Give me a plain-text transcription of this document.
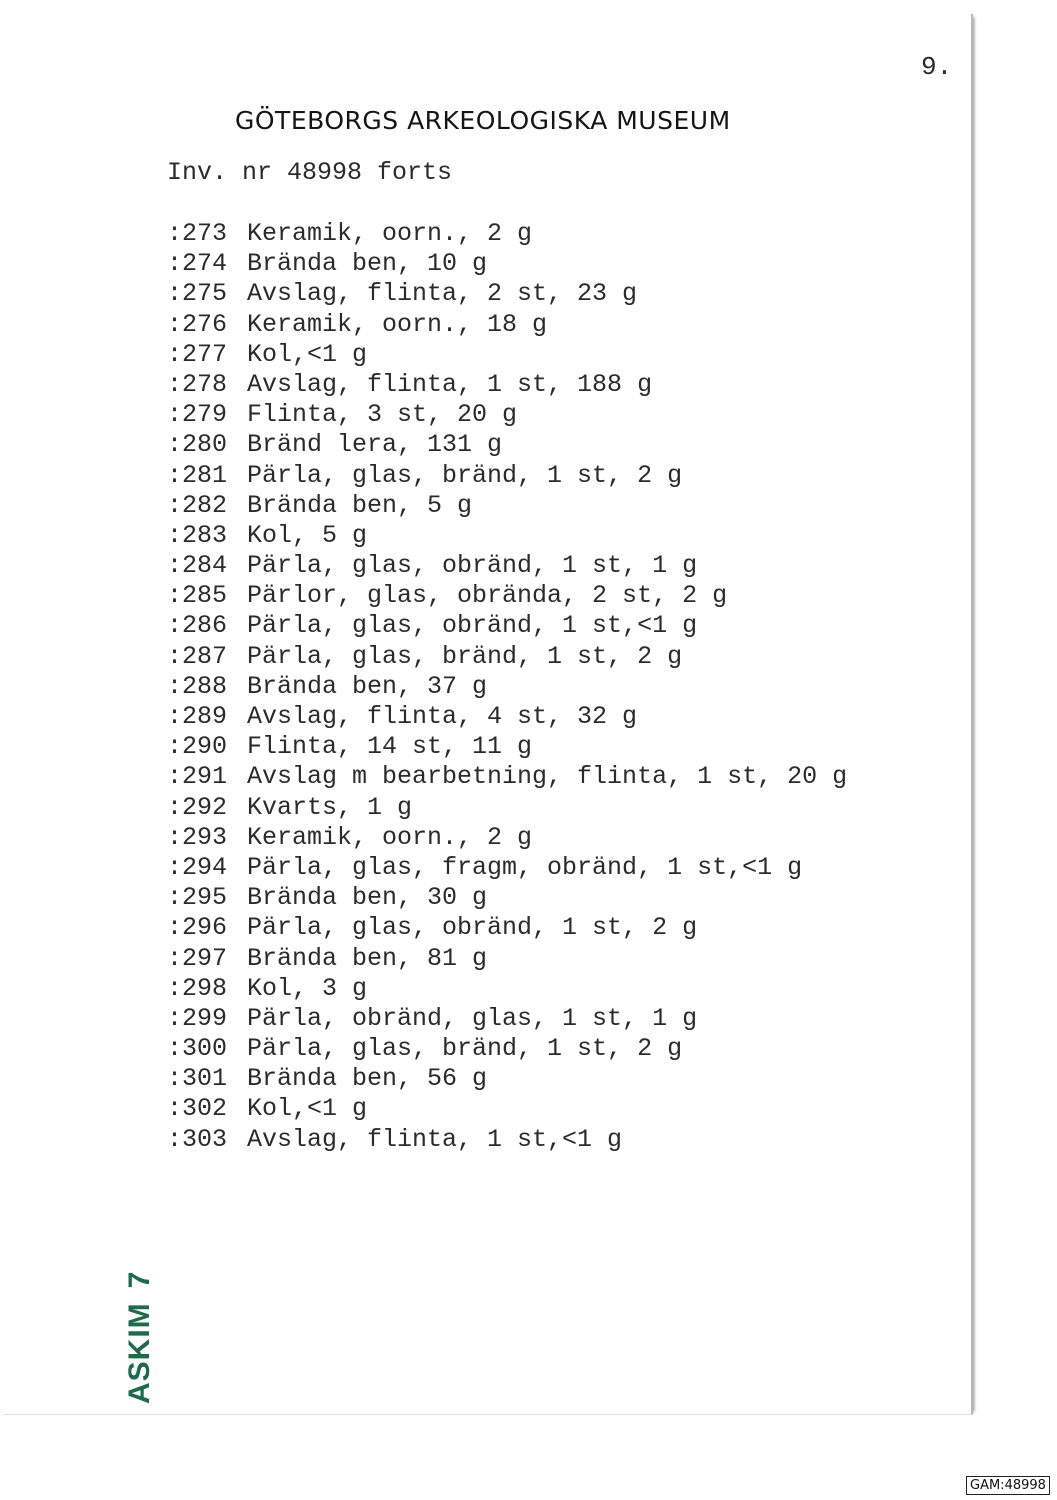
9.
GÖTEBORGS ARKEOLOGISKA MUSEUM
Inv. nr 48998 forts
:273 Keramik, oorn., 2 g
:274 Brända ben, 10 g
:275 Avslag, flinta, 2 st, 23 g
:276 Keramik, oorn., 18 g
:277 Kol,<1 g
:278 Avslag, flinta, 1 st, 188 g
:279 Flinta, 3 st, 20 g
:280 Bränd lera, 131 g
:281 Pärla, glas, bränd, 1 st, 2 g
:282 Brända ben, 5 g
:283 Kol, 5 g
:284 Pärla, glas, obränd, 1 st, 1 g
:285 Pärlor, glas, obrända, 2 st, 2 g
:286 Pärla, glas, obränd, 1 st,<1 g
:287 Pärla, glas, bränd, 1 st, 2 g
:288 Brända ben, 37 g
:289 Avslag, flinta, 4 st, 32 g
:290 Flinta, 14 st, 11 g
:291 Avslag m bearbetning, flinta, 1 st, 20 g
:292 Kvarts, 1 g
:293 Keramik, oorn., 2 g
:294 Pärla, glas, fragm, obränd, 1 st,<1 g
:295 Brända ben, 30 g
:296 Pärla, glas, obränd, 1 st, 2 g
:297 Brända ben, 81 g
:298 Kol, 3 g
:299 Pärla, obränd, glas, 1 st, 1 g
:300 Pärla, glas, bränd, 1 st, 2 g
:301 Brända ben, 56 g
:302 Kol,<1 g
:303 Avslag, flinta, 1 st,<1 g
ASKIM7
GAM:48998
